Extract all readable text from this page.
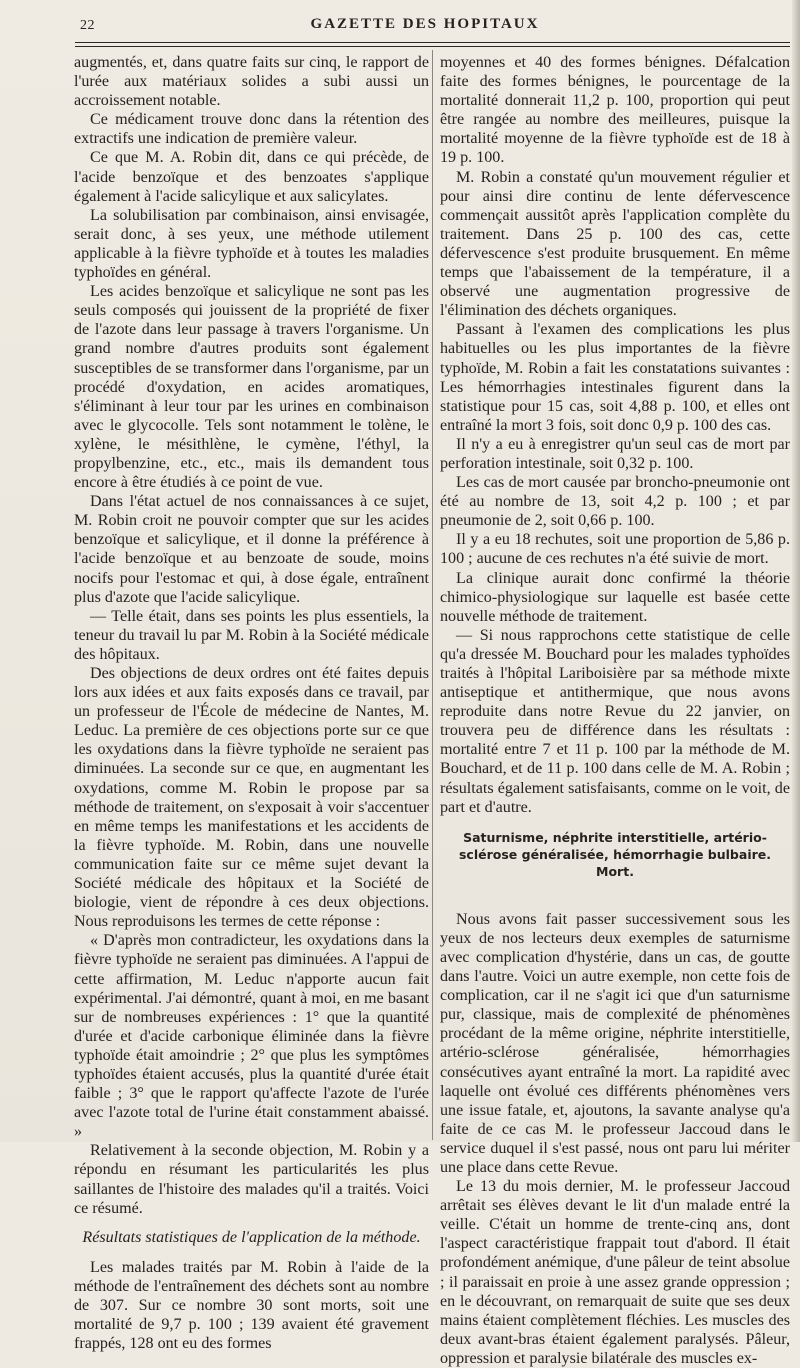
22	GAZETTE DES HOPITAUX

augmentés, et, dans quatre faits sur cinq, le rapport de l'urée aux matériaux solides a subi aussi un accroissement notable.

Ce médicament trouve donc dans la rétention des extractifs une indication de première valeur.

Ce que M. A. Robin dit, dans ce qui précède, de l'acide benzoïque et des benzoates s'applique également à l'acide salicylique et aux salicylates.

La solubilisation par combinaison, ainsi envisagée, serait donc, à ses yeux, une méthode utilement applicable à la fièvre typhoïde et à toutes les maladies typhoïdes en général.

Les acides benzoïque et salicylique ne sont pas les seuls composés qui jouissent de la propriété de fixer de l'azote dans leur passage à travers l'organisme. Un grand nombre d'autres produits sont également susceptibles de se transformer dans l'organisme, par un procédé d'oxydation, en acides aromatiques, s'éliminant à leur tour par les urines en combinaison avec le glycocolle. Tels sont notamment le tolène, le xylène, le mésithlène, le cymène, l'éthyl, la propylbenzine, etc., etc., mais ils demandent tous encore à être étudiés à ce point de vue.

Dans l'état actuel de nos connaissances à ce sujet, M. Robin croit ne pouvoir compter que sur les acides benzoïque et salicylique, et il donne la préférence à l'acide benzoïque et au benzoate de soude, moins nocifs pour l'estomac et qui, à dose égale, entraînent plus d'azote que l'acide salicylique.

— Telle était, dans ses points les plus essentiels, la teneur du travail lu par M. Robin à la Société médicale des hôpitaux.

Des objections de deux ordres ont été faites depuis lors aux idées et aux faits exposés dans ce travail, par un professeur de l'École de médecine de Nantes, M. Leduc. La première de ces objections porte sur ce que les oxydations dans la fièvre typhoïde ne seraient pas diminuées. La seconde sur ce que, en augmentant les oxydations, comme M. Robin le propose par sa méthode de traitement, on s'exposait à voir s'accentuer en même temps les manifestations et les accidents de la fièvre typhoïde. M. Robin, dans une nouvelle communication faite sur ce même sujet devant la Société médicale des hôpitaux et la Société de biologie, vient de répondre à ces deux objections. Nous reproduisons les termes de cette réponse :

« D'après mon contradicteur, les oxydations dans la fièvre typhoïde ne seraient pas diminuées. A l'appui de cette affirmation, M. Leduc n'apporte aucun fait expérimental. J'ai démontré, quant à moi, en me basant sur de nombreuses expériences : 1° que la quantité d'urée et d'acide carbonique éliminée dans la fièvre typhoïde était amoindrie ; 2° que plus les symptômes typhoïdes étaient accusés, plus la quantité d'urée était faible ; 3° que le rapport qu'affecte l'azote de l'urée avec l'azote total de l'urine était constamment abaissé. »

Relativement à la seconde objection, M. Robin y a répondu en résumant les particularités les plus saillantes de l'histoire des malades qu'il a traités. Voici ce résumé.

Résultats statistiques de l'application de la méthode.

Les malades traités par M. Robin à l'aide de la méthode de l'entraînement des déchets sont au nombre de 307. Sur ce nombre 30 sont morts, soit une mortalité de 9,7 p. 100 ; 139 avaient été gravement frappés, 128 ont eu des formes

moyennes et 40 des formes bénignes. Défalcation faite des formes bénignes, le pourcentage de la mortalité donnerait 11,2 p. 100, proportion qui peut être rangée au nombre des meilleures, puisque la mortalité moyenne de la fièvre typhoïde est de 18 à 19 p. 100.

M. Robin a constaté qu'un mouvement régulier et pour ainsi dire continu de lente défervescence commençait aussitôt après l'application complète du traitement. Dans 25 p. 100 des cas, cette défervescence s'est produite brusquement. En même temps que l'abaissement de la température, il a observé une augmentation progressive de l'élimination des déchets organiques.

Passant à l'examen des complications les plus habituelles ou les plus importantes de la fièvre typhoïde, M. Robin a fait les constatations suivantes : Les hémorrhagies intestinales figurent dans la statistique pour 15 cas, soit 4,88 p. 100, et elles ont entraîné la mort 3 fois, soit donc 0,9 p. 100 des cas.

Il n'y a eu à enregistrer qu'un seul cas de mort par perforation intestinale, soit 0,32 p. 100.

Les cas de mort causée par broncho-pneumonie ont été au nombre de 13, soit 4,2 p. 100 ; et par pneumonie de 2, soit 0,66 p. 100.

Il y a eu 18 rechutes, soit une proportion de 5,86 p. 100 ; aucune de ces rechutes n'a été suivie de mort.

La clinique aurait donc confirmé la théorie chimico-physiologique sur laquelle est basée cette nouvelle méthode de traitement.

— Si nous rapprochons cette statistique de celle qu'a dressée M. Bouchard pour les malades typhoïdes traités à l'hôpital Lariboisière par sa méthode mixte antiseptique et antithermique, que nous avons reproduite dans notre Revue du 22 janvier, on trouvera peu de différence dans les résultats : mortalité entre 7 et 11 p. 100 par la méthode de M. Bouchard, et de 11 p. 100 dans celle de M. A. Robin ; résultats également satisfaisants, comme on le voit, de part et d'autre.

Saturnisme, néphrite interstitielle, artério-sclérose généralisée, hémorrhagie bulbaire. Mort.

Nous avons fait passer successivement sous les yeux de nos lecteurs deux exemples de saturnisme avec complication d'hystérie, dans un cas, de goutte dans l'autre. Voici un autre exemple, non cette fois de complication, car il ne s'agit ici que d'un saturnisme pur, classique, mais de complexité de phénomènes procédant de la même origine, néphrite interstitielle, artério-sclérose généralisée, hémorrhagies consécutives ayant entraîné la mort. La rapidité avec laquelle ont évolué ces différents phénomènes vers une issue fatale, et, ajoutons, la savante analyse qu'a faite de ce cas M. le professeur Jaccoud dans le service duquel il s'est passé, nous ont paru lui mériter une place dans cette Revue.

Le 13 du mois dernier, M. le professeur Jaccoud arrêtait ses élèves devant le lit d'un malade entré la veille. C'était un homme de trente-cinq ans, dont l'aspect caractéristique frappait tout d'abord. Il était profondément anémique, d'une pâleur de teint absolue ; il paraissait en proie à une assez grande oppression ; en le découvrant, on remarquait de suite que ses deux mains étaient complètement fléchies. Les muscles des deux avant-bras étaient également paralysés. Pâleur, oppression et paralysie bilatérale des muscles ex-
